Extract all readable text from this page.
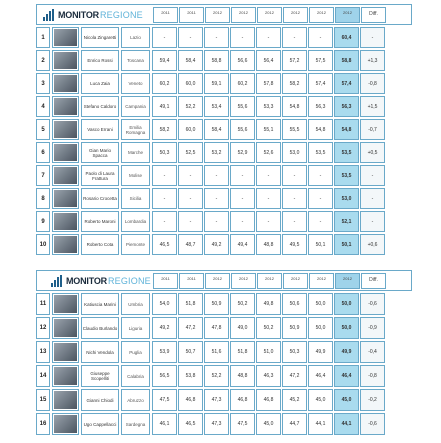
MONITOR REGIONE	2011	2011	2012	2012	2012	2012	2012	2012	Diff.
1	Nicola Zingaretti	Lazio	-	-	-	-	-	-	-	60,4	-
2	Enrico Rossi	Toscana	59,4	58,4	58,8	56,6	56,4	57,2	57,5	58,8	+1,3
3	Luca Zaia	Veneto	60,2	60,0	59,1	60,2	57,8	58,2	57,4	57,4	-0,8
4	Stefano Caldoro	Campania	49,1	52,2	53,4	55,6	53,3	54,8	56,3	56,3	+1,5
5	Vasco Errani	Emilia Romagna	58,2	60,0	58,4	55,6	55,1	55,5	54,8	54,8	-0,7
6	Gian Mario Spacca	Marche	50,3	52,5	53,2	52,9	52,6	53,0	53,5	53,5	+0,5
7	Paolo di Laura Frattura	Molise	-	-	-	-	-	-	-	53,5	-
8	Rosario Crocetta	Sicilia	-	-	-	-	-	-	-	53,0	-
9	Roberto Maroni	Lombardia	-	-	-	-	-	-	-	52,1	-
10	Roberto Cota	Piemonte	46,5	48,7	49,2	49,4	48,8	49,5	50,1	50,1	+0,6
MONITOR REGIONE	2011	2011	2012	2012	2012	2012	2012	2012	Diff.
11	Katiuscia Marini	Umbria	54,0	51,8	50,9	50,2	49,8	50,6	50,0	50,0	-0,6
12	Claudio Burlando	Liguria	49,2	47,2	47,8	49,0	50,2	50,9	50,0	50,0	-0,9
13	Nichi Vendola	Puglia	53,9	50,7	51,6	51,8	51,0	50,3	49,9	49,9	-0,4
14	Giuseppe Scopelliti	Calabria	56,5	53,8	52,2	48,8	46,3	47,2	46,4	46,4	-0,8
15	Gianni Chiodi	Abruzzo	47,5	46,8	47,3	46,8	46,8	45,2	45,0	45,0	-0,2
16	Ugo Cappellacci	Sardegna	46,1	46,5	47,3	47,5	45,0	44,7	44,1	44,1	-0,6
